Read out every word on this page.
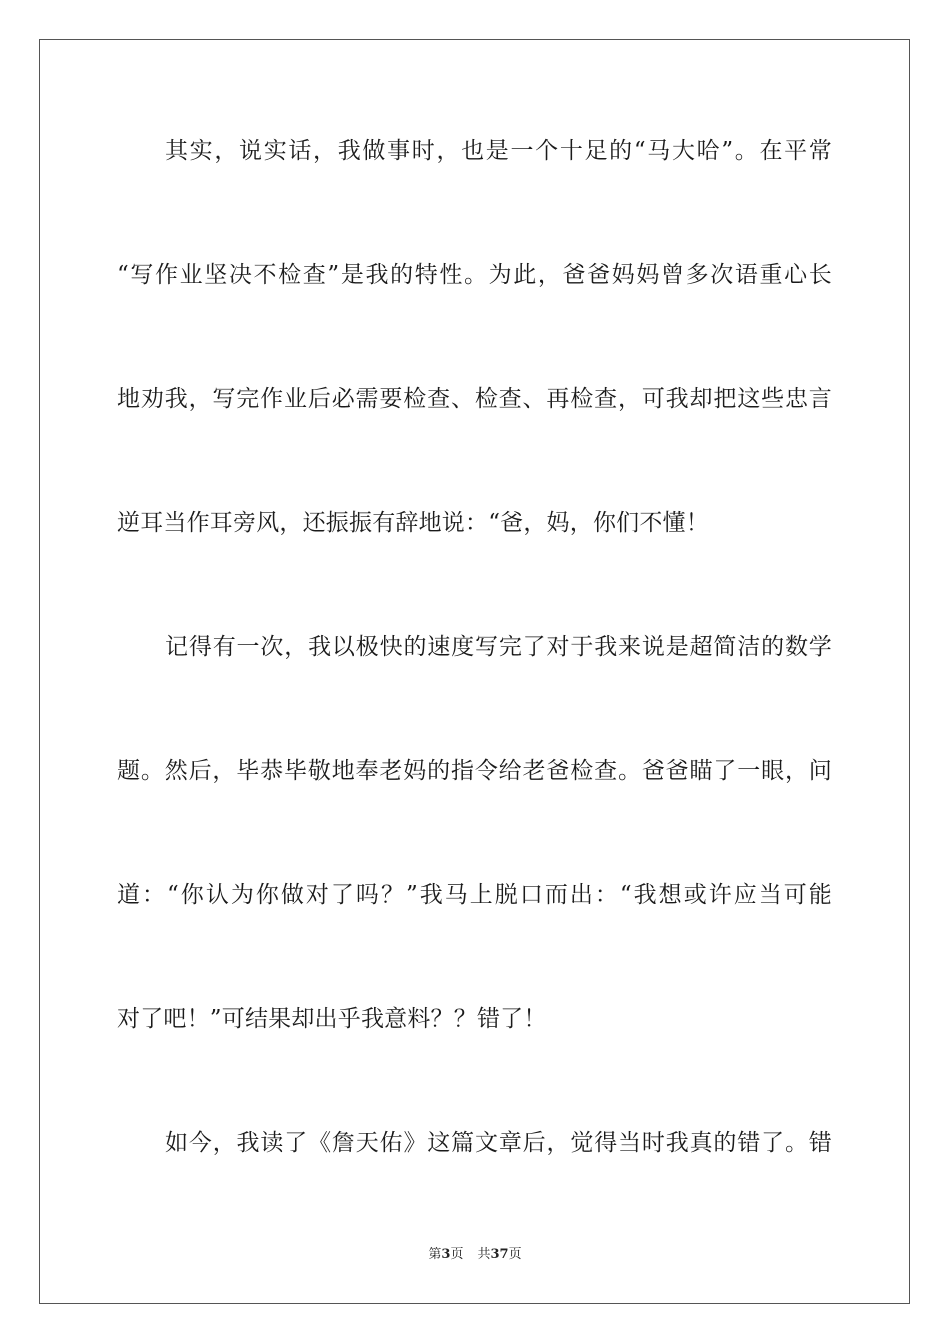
其实，说实话，我做事时，也是一个十足的“马大哈”。在平常
“写作业坚决不检查”是我的特性。为此，爸爸妈妈曾多次语重心长
地劝我，写完作业后必需要检查、检查、再检查，可我却把这些忠言
逆耳当作耳旁风，还振振有辞地说：“爸，妈，你们不懂！
记得有一次，我以极快的速度写完了对于我来说是超简洁的数学
题。然后，毕恭毕敬地奉老妈的指令给老爸检查。爸爸瞄了一眼，问
道：“你认为你做对了吗？”我马上脱口而出：“我想或许应当可能
对了吧！”可结果却出乎我意料？？错了！
如今，我读了《詹天佑》这篇文章后，觉得当时我真的错了。错
第3页 共37页
